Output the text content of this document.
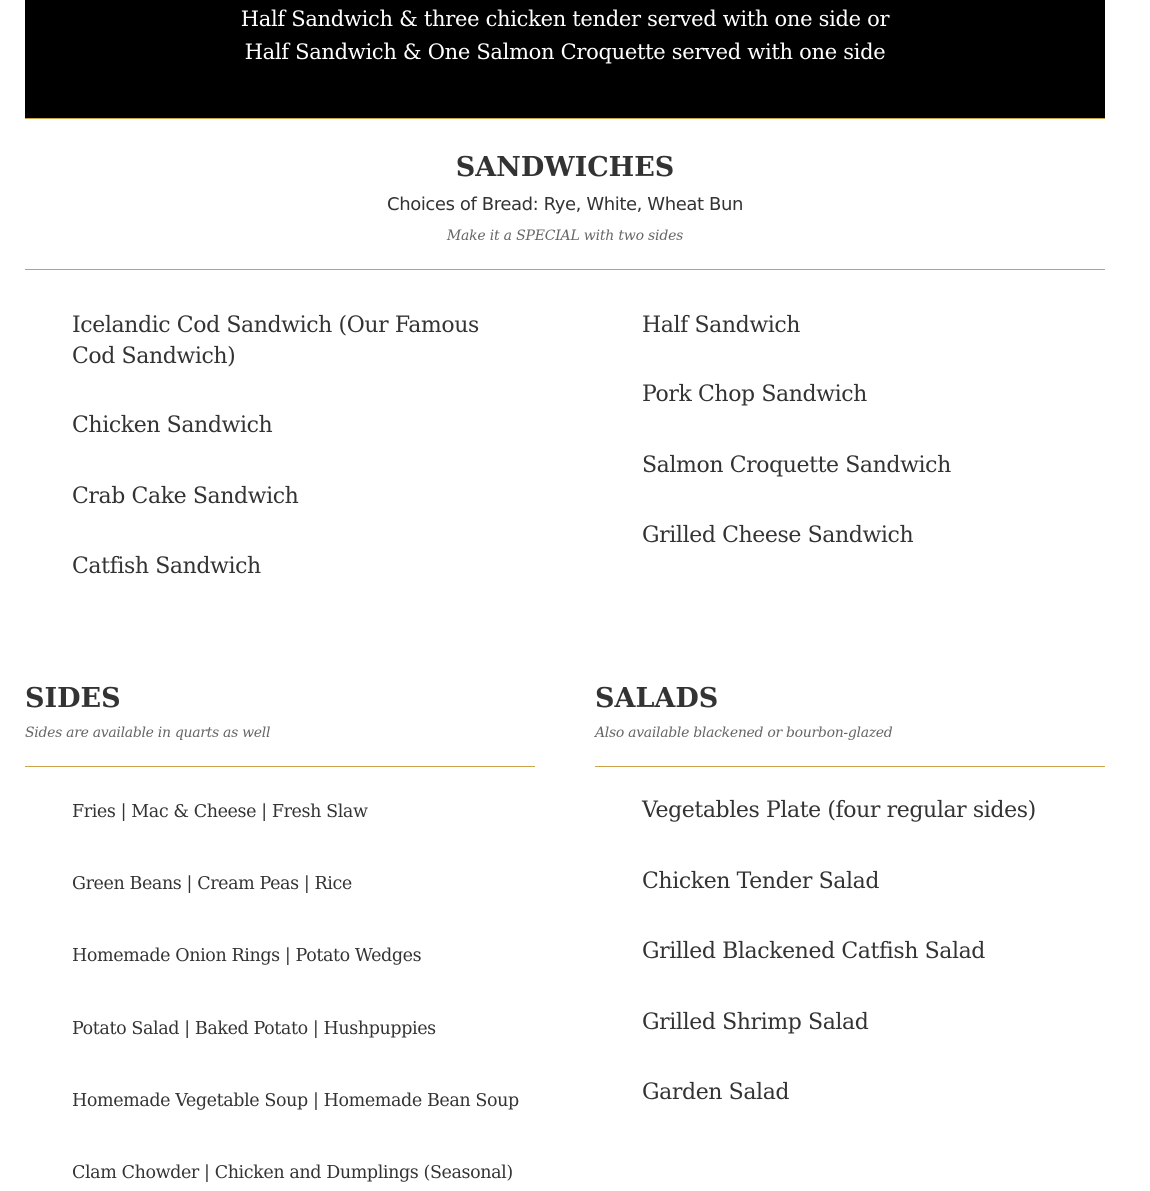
Half Sandwich & three chicken tender served with one side or
Half Sandwich & One Salmon Croquette served with one side
SANDWICHES
Choices of Bread: Rye, White, Wheat Bun
Make it a SPECIAL with two sides
Icelandic Cod Sandwich (Our Famous Cod Sandwich)
Chicken Sandwich
Crab Cake Sandwich
Catfish Sandwich
Half Sandwich
Pork Chop Sandwich
Salmon Croquette Sandwich
Grilled Cheese Sandwich
SIDES
Sides are available in quarts as well
Fries | Mac & Cheese | Fresh Slaw
Green Beans | Cream Peas | Rice
Homemade Onion Rings | Potato Wedges
Potato Salad | Baked Potato | Hushpuppies
Homemade Vegetable Soup | Homemade Bean Soup
Clam Chowder | Chicken and Dumplings (Seasonal)
SALADS
Also available blackened or bourbon-glazed
Vegetables Plate (four regular sides)
Chicken Tender Salad
Grilled Blackened Catfish Salad
Grilled Shrimp Salad
Garden Salad
